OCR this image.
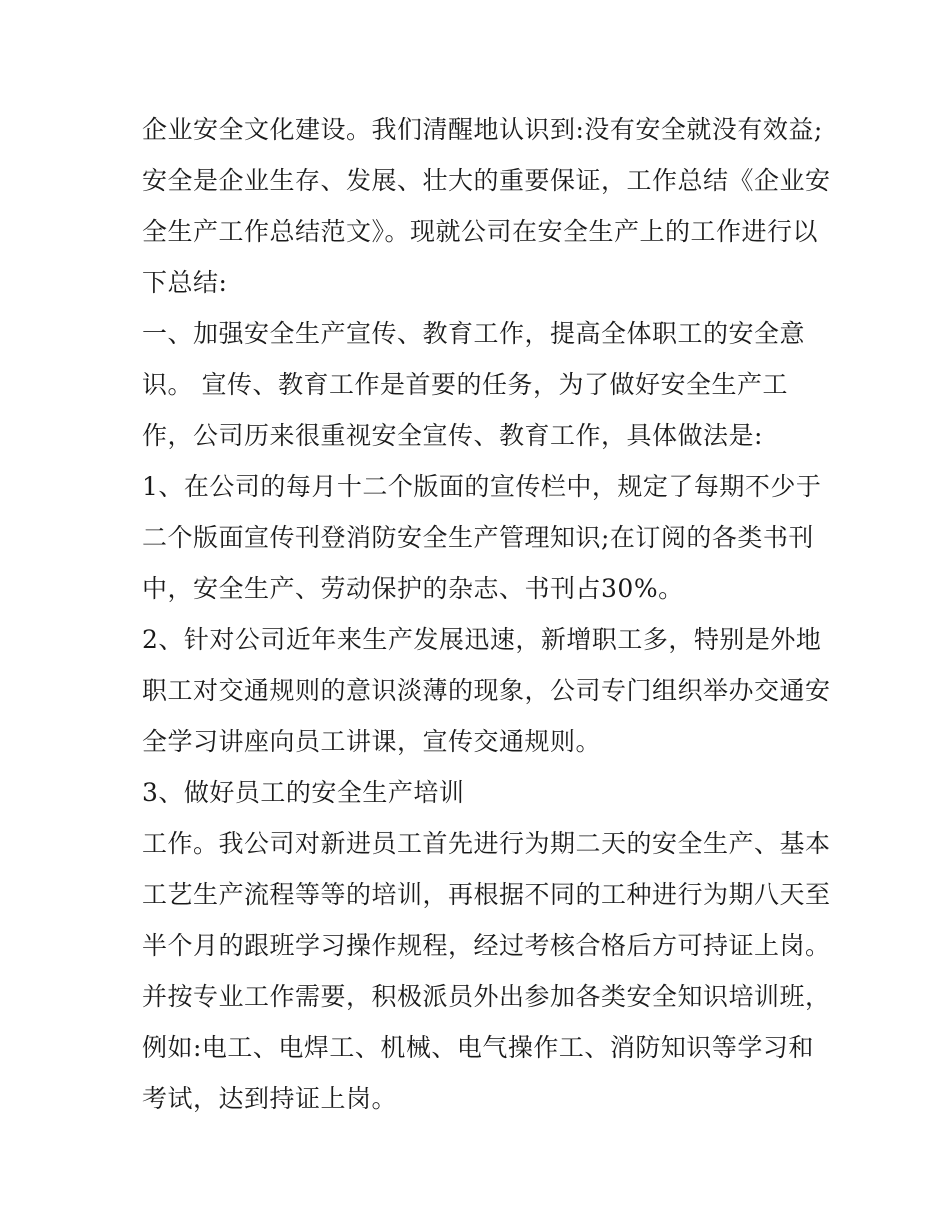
企业安全文化建设。我们清醒地认识到:没有安全就没有效益;
安全是企业生存、发展、壮大的重要保证，工作总结《企业安
全生产工作总结范文》。现就公司在安全生产上的工作进行以
下总结:
一、加强安全生产宣传、教育工作，提高全体职工的安全意
识。 宣传、教育工作是首要的任务，为了做好安全生产工
作，公司历来很重视安全宣传、教育工作，具体做法是:
1、在公司的每月十二个版面的宣传栏中，规定了每期不少于
二个版面宣传刊登消防安全生产管理知识;在订阅的各类书刊
中，安全生产、劳动保护的杂志、书刊占30%。
2、针对公司近年来生产发展迅速，新增职工多，特别是外地
职工对交通规则的意识淡薄的现象，公司专门组织举办交通安
全学习讲座向员工讲课，宣传交通规则。
3、做好员工的安全生产培训
工作。我公司对新进员工首先进行为期二天的安全生产、基本
工艺生产流程等等的培训，再根据不同的工种进行为期八天至
半个月的跟班学习操作规程，经过考核合格后方可持证上岗。
并按专业工作需要，积极派员外出参加各类安全知识培训班，
例如:电工、电焊工、机械、电气操作工、消防知识等学习和
考试，达到持证上岗。
